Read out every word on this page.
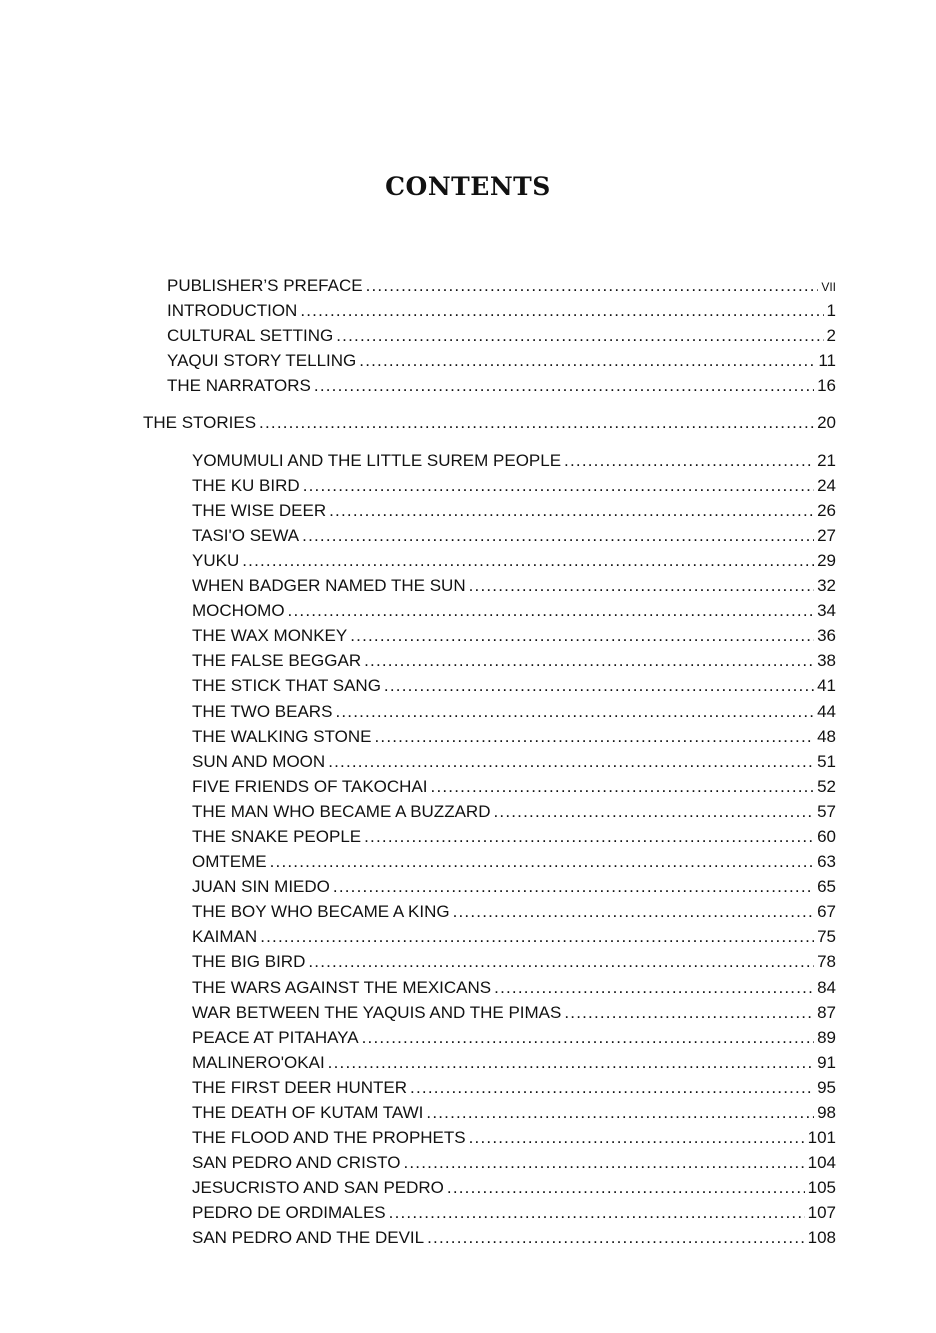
CONTENTS
PUBLISHER’S PREFACE .....	VII
INTRODUCTION .....	1
CULTURAL SETTING .....	2
YAQUI STORY TELLING .....	11
THE NARRATORS .....	16
THE STORIES .....	20
YOMUMULI AND THE LITTLE SUREM PEOPLE .....	21
THE KU BIRD .....	24
THE WISE DEER .....	26
TASI'O SEWA .....	27
YUKU .....	29
WHEN BADGER NAMED THE SUN .....	32
MOCHOMO .....	34
THE WAX MONKEY .....	36
THE FALSE BEGGAR .....	38
THE STICK THAT SANG .....	41
THE TWO BEARS .....	44
THE WALKING STONE .....	48
SUN AND MOON .....	51
FIVE FRIENDS OF TAKOCHAI .....	52
THE MAN WHO BECAME A BUZZARD .....	57
THE SNAKE PEOPLE .....	60
OMTEME .....	63
JUAN SIN MIEDO .....	65
THE BOY WHO BECAME A KING .....	67
KAIMAN .....	75
THE BIG BIRD .....	78
THE WARS AGAINST THE MEXICANS .....	84
WAR BETWEEN THE YAQUIS AND THE PIMAS .....	87
PEACE AT PITAHAYA .....	89
MALINERO'OKAI .....	91
THE FIRST DEER HUNTER .....	95
THE DEATH OF KUTAM TAWI .....	98
THE FLOOD AND THE PROPHETS .....	101
SAN PEDRO AND CRISTO .....	104
JESUCRISTO AND SAN PEDRO .....	105
PEDRO DE ORDIMALES .....	107
SAN PEDRO AND THE DEVIL .....	108
